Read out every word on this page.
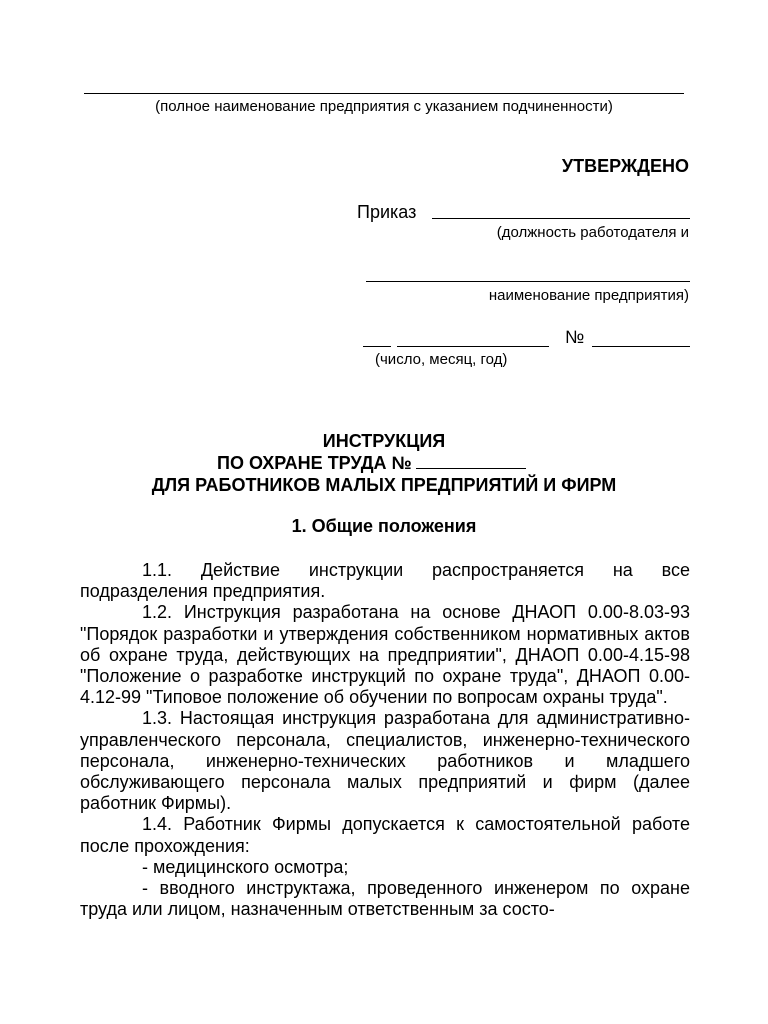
(полное наименование предприятия с указанием подчиненности)
УТВЕРЖДЕНО
Приказ
(должность работодателя и
наименование предприятия)
№
(число, месяц, год)
ИНСТРУКЦИЯ
ПО ОХРАНЕ ТРУДА №
ДЛЯ РАБОТНИКОВ МАЛЫХ ПРЕДПРИЯТИЙ И ФИРМ
1. Общие положения

1.1. Действие инструкции распространяется на все подразделения предприятия.

1.2. Инструкция разработана на основе ДНАОП 0.00-8.03-93 "Порядок разработки и утверждения собственником нормативных актов об охране труда, действующих на предприятии", ДНАОП 0.00-4.15-98 "Положение о разработке инструкций по охране труда", ДНАОП 0.00-4.12-99 "Типовое положение об обучении по вопросам охраны труда".

1.3. Настоящая инструкция разработана для административно-управленческого персонала, специалистов, инженерно-технического персонала, инженерно-технических работников и младшего обслуживающего персонала малых предприятий и фирм (далее работник Фирмы).

1.4. Работник Фирмы допускается к самостоятельной работе после прохождения:

- медицинского осмотра;

- вводного инструктажа, проведенного инженером по охране труда или лицом, назначенным ответственным за состо-
